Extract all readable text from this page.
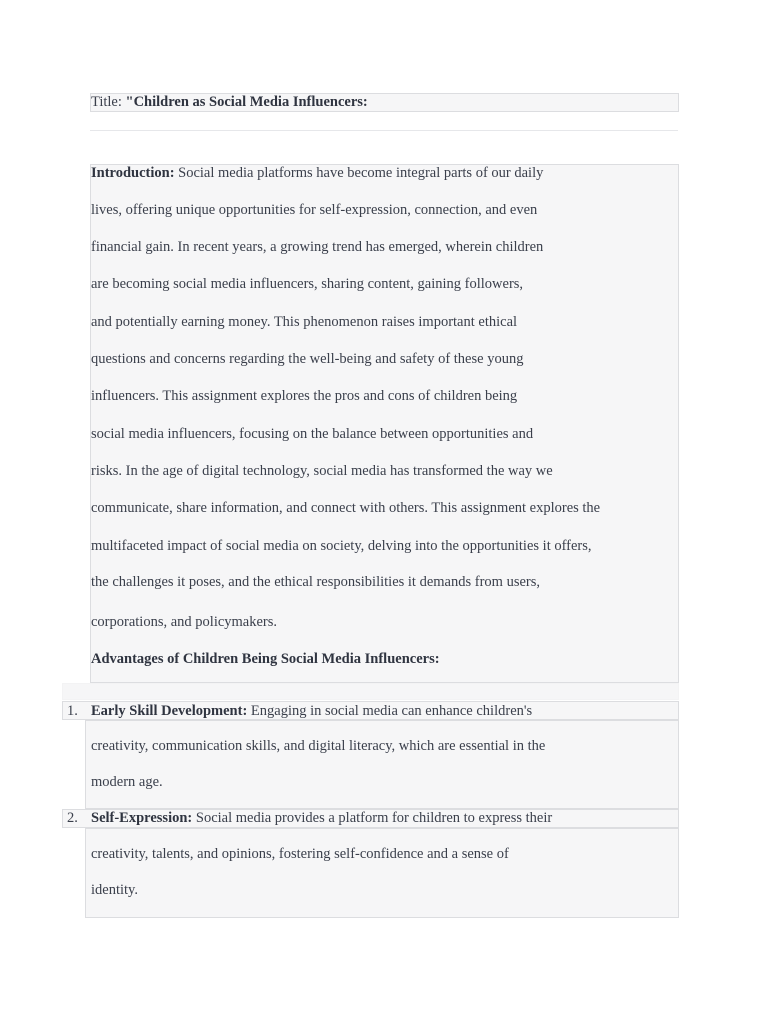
Title: "Children as Social Media Influencers:
Introduction: Social media platforms have become integral parts of our daily
lives, offering unique opportunities for self-expression, connection, and even
financial gain. In recent years, a growing trend has emerged, wherein children
are becoming social media influencers, sharing content, gaining followers,
and potentially earning money. This phenomenon raises important ethical
questions and concerns regarding the well-being and safety of these young
influencers. This assignment explores the pros and cons of children being
social media influencers, focusing on the balance between opportunities and
risks. In the age of digital technology, social media has transformed the way we
communicate, share information, and connect with others. This assignment explores the
multifaceted impact of social media on society, delving into the opportunities it offers,
the challenges it poses, and the ethical responsibilities it demands from users,
corporations, and policymakers.
Advantages of Children Being Social Media Influencers:
1. Early Skill Development: Engaging in social media can enhance children's
creativity, communication skills, and digital literacy, which are essential in the
modern age.
2. Self-Expression: Social media provides a platform for children to express their
creativity, talents, and opinions, fostering self-confidence and a sense of
identity.
